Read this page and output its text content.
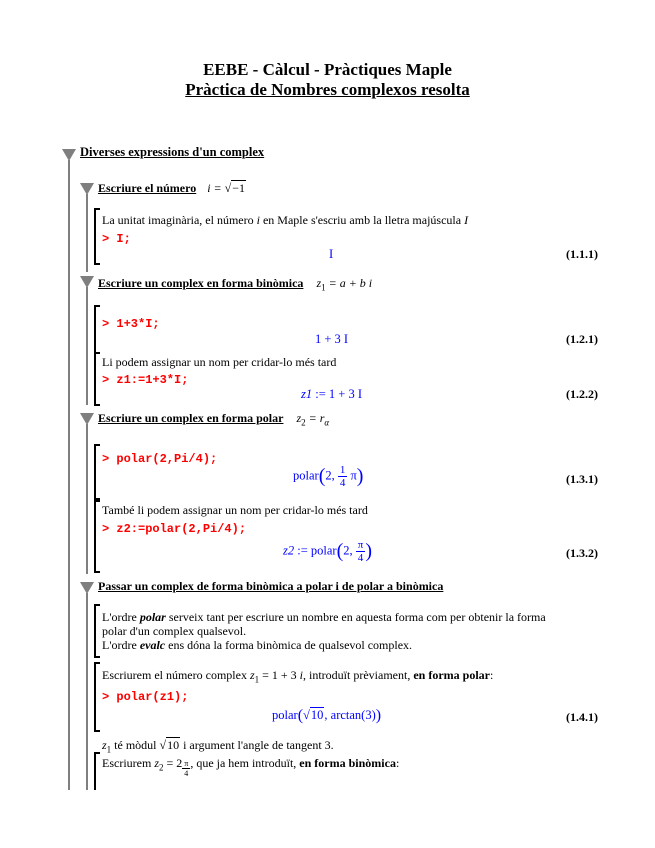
EEBE - Càlcul - Pràctiques Maple
Pràctica de Nombres complexos resolta
Diverses expressions d'un complex
Escriure el número i = √−1
La unitat imaginària, el número i en Maple s'escriu amb la lletra majúscula I
> I;
I	(1.1.1)
Escriure un complex en forma binòmica $z_1 = a + b$ i
> 1+3*I;
1 + 3 I	(1.2.1)
Li podem assignar un nom per cridar-lo més tard
> z1:=1+3*I;
z1 := 1 + 3 I	(1.2.2)
Escriure un complex en forma polar $z_2 = r_\alpha$
> polar(2,Pi/4);
polar(2, $\frac{1}{4} \pi$)	(1.3.1)
També li podem assignar un nom per cridar-lo més tard
> z2:=polar(2,Pi/4);
z2 := polar(2, $\frac{\pi}{4}$ )	(1.3.2)
Passar un complex de forma binòmica a polar i de polar a binòmica
L'ordre polar serveix tant per escriure un nombre en aquesta forma com per obtenir la forma
polar d'un complex qualsevol.
L'ordre evalc ens dóna la forma binòmica de qualsevol complex.
Escriurem el número complex $z_1 = 1 + 3$ i, introduït prèviament, en forma polar:
> polar(z1);
polar(√10, arctan(3))	(1.4.1)
$z_1$ té mòdul √10 i argument l'angle de tangent 3.
Escriurem $z_2 = 2$ $_{\frac{\pi}{4}}$ , que ja hem introduït, en forma binòmica:
